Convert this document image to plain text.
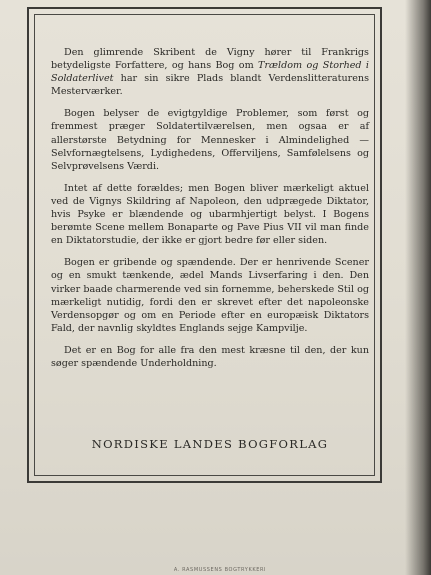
Den glimrende Skribent de Vigny hører til Frankrigs betydeligste Forfattere, og hans Bog om Trældom og Storhed i Soldaterlivet har sin sikre Plads blandt Verdenslitteraturens Mesterværker.

Bogen belyser de evigtgyldige Problemer, som først og fremmest præger Soldatertilværelsen, men ogsaa er af allerstørste Betydning for Mennesker i Almindelighed — Selvfornægtelsens, Lydighedens, Offerviljens, Samfølelsens og Selvprøvelsens Værdi.

Intet af dette forældes; men Bogen bliver mærkeligt aktuel ved de Vignys Skildring af Napoleon, den udprægede Diktator, hvis Psyke er blændende og ubarmhjertigt belyst. I Bogens berømte Scene mellem Bonaparte og Pave Pius VII vil man finde en Diktatorstudie, der ikke er gjort bedre før eller siden.

Bogen er gribende og spændende. Der er henrivende Scener og en smukt tænkende, ædel Mands Livserfaring i den. Den virker baade charmerende ved sin fornemme, beherskede Stil og mærkeligt nutidig, fordi den er skrevet efter det napoleonske Verdensopgør og om en Periode efter en europæisk Diktators Fald, der navnlig skyldtes Englands sejge Kampvilje.

Det er en Bog for alle fra den mest kræsne til den, der kun søger spændende Underholdning.

NORDISKE LANDES BOGFORLAG
A. RASMUSSENS BOGTRYKKERI
